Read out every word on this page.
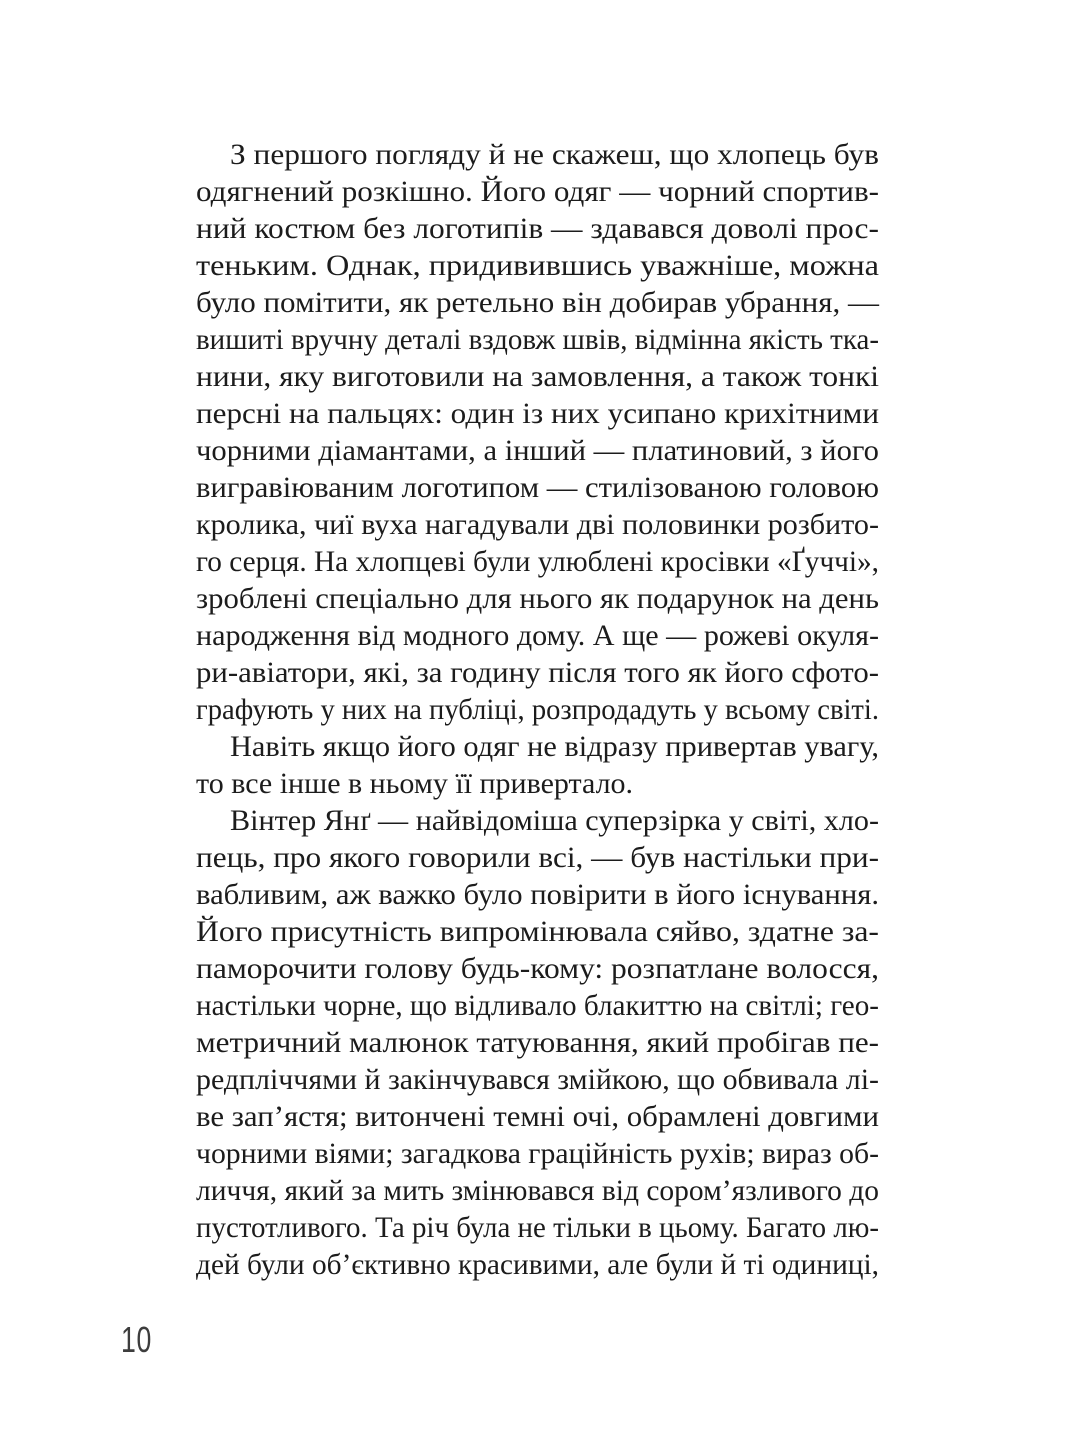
З першого погляду й не скажеш, що хлопець був
одягнений розкішно. Його одяг — чорний спортив-
ний костюм без логотипів — здавався доволі прос-
теньким. Однак, придивившись уважніше, можна
було помітити, як ретельно він добирав убрання, —
вишиті вручну деталі вздовж швів, відмінна якість тка-
нини, яку виготовили на замовлення, а також тонкі
персні на пальцях: один із них усипано крихітними
чорними діамантами, а інший — платиновий, з його
вигравіюваним логотипом — стилізованою головою
кролика, чиї вуха нагадували дві половинки розбито-
го серця. На хлопцеві були улюблені кросівки «Ґуччі»,
зроблені спеціально для нього як подарунок на день
народження від модного дому. А ще — рожеві окуля-
ри-авіатори, які, за годину після того як його сфото-
графують у них на публіці, розпродадуть у всьому світі.
Навіть якщо його одяг не відразу привертав увагу,
то все інше в ньому її привертало.
Вінтер Янґ — найвідоміша суперзірка у світі, хло-
пець, про якого говорили всі, — був настільки при-
вабливим, аж важко було повірити в його існування.
Його присутність випромінювала сяйво, здатне за-
паморочити голову будь-кому: розпатлане волосся,
настільки чорне, що відливало блакиттю на світлі; гео-
метричний малюнок татуювання, який пробігав пе-
редпліччями й закінчувався змійкою, що обвивала лі-
ве зап’ястя; витончені темні очі, обрамлені довгими
чорними віями; загадкова граційність рухів; вираз об-
личчя, який за мить змінювався від сором’язливого до
пустотливого. Та річ була не тільки в цьому. Багато лю-
дей були об’єктивно красивими, але були й ті одиниці,
10
